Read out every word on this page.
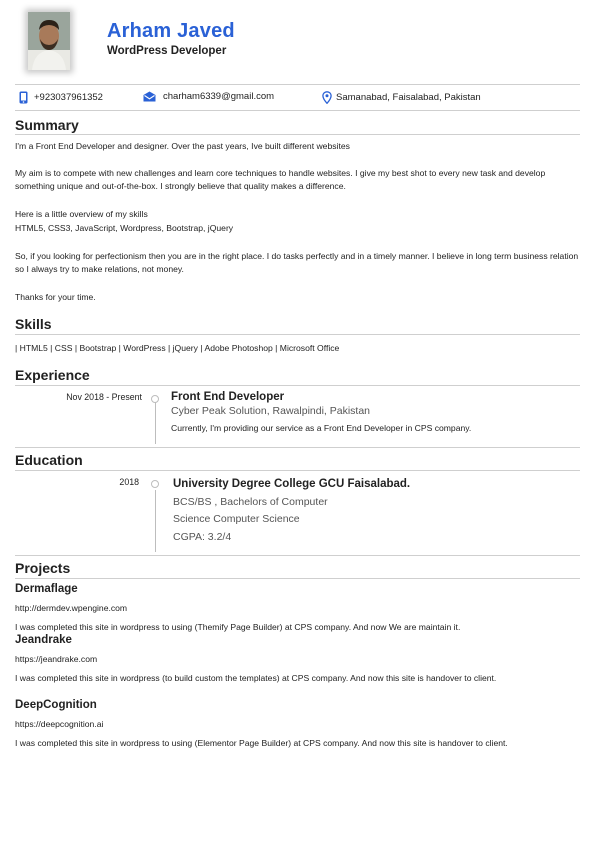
Arham Javed
WordPress Developer
+923037961352	charham6339@gmail.com	Samanabad, Faisalabad, Pakistan
Summary
I'm a Front End Developer and designer. Over the past years, Ive built different websites
My aim is to compete with new challenges and learn core techniques to handle websites. I give my best shot to every new task and develop something unique and out-of-the-box. I strongly believe that quality makes a difference.
Here is a little overview of my skills
HTML5, CSS3, JavaScript, Wordpress, Bootstrap, jQuery
So, if you looking for perfectionism then you are in the right place. I do tasks perfectly and in a timely manner. I believe in long term business relation so I always try to make relations, not money.
Thanks for your time.
Skills
| HTML5 | CSS | Bootstrap | WordPress | jQuery | Adobe Photoshop | Microsoft Office
Experience
Nov 2018 - Present	Front End Developer
Cyber Peak Solution, Rawalpindi, Pakistan
Currently, I'm providing our service as a Front End Developer in CPS company.
Education
2018	University Degree College GCU Faisalabad.
BCS/BS , Bachelors of Computer
Science Computer Science
CGPA: 3.2/4
Projects
Dermaflage
http://dermdev.wpengine.com
I was completed this site in wordpress to using (Themify Page Builder) at CPS company. And now We are maintain it.
Jeandrake
https://jeandrake.com
I was completed this site in wordpress (to build custom the templates) at CPS company. And now this site is handover to client.
DeepCognition
https://deepcognition.ai
I was completed this site in wordpress to using (Elementor Page Builder) at CPS company. And now this site is handover to client.
